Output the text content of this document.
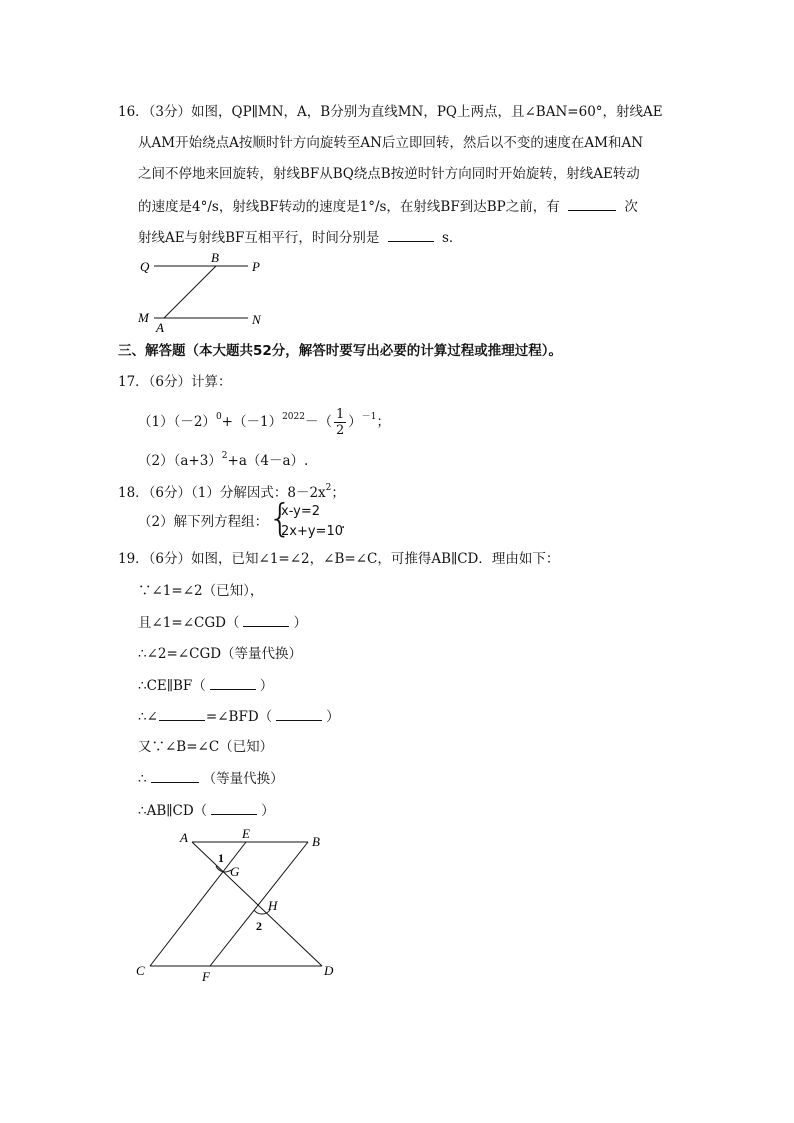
16．（3分）如图，QP∥MN，A，B分别为直线MN，PQ上两点，且∠BAN=60°，射线AE
从AM开始绕点A按顺时针方向旋转至AN后立即回转，然后以不变的速度在AM和AN
之间不停地来回旋转，射线BF从BQ绕点B按逆时针方向同时开始旋转，射线AE转动
的速度是4°/s，射线BF转动的速度是1°/s，在射线BF到达BP之前，有	次
射线AE与射线BF互相平行，时间分别是	s．
Q
B
P
M
A
N
三、解答题（本大题共52分，解答时要写出必要的计算过程或推理过程）。
17．（6分）计算：
$(1)(-2)^0+(-1)^{2022}-( \frac{1}{2} )^{-1}$；
$(2)(a+3)^2+a(4-a)$.
18．（6分）（1）分解因式：$8-2x^2$；
（2）解下列方程组： {
x-y=2
2x+y=10
.
19．（6分）如图，已知∠1=∠2，∠B=∠C，可推得AB∥CD．理由如下：
∵∠1=∠2（已知），
且∠1=∠CGD（	）
∴∠2=∠CGD（等量代换）
∴CE∥BF（	）
∴∠	=∠BFD（	）
又∵∠B=∠C（已知）
∴	（等量代换）
∴AB∥CD（	）
A	E
B
G
1
H
2
C	F	D
